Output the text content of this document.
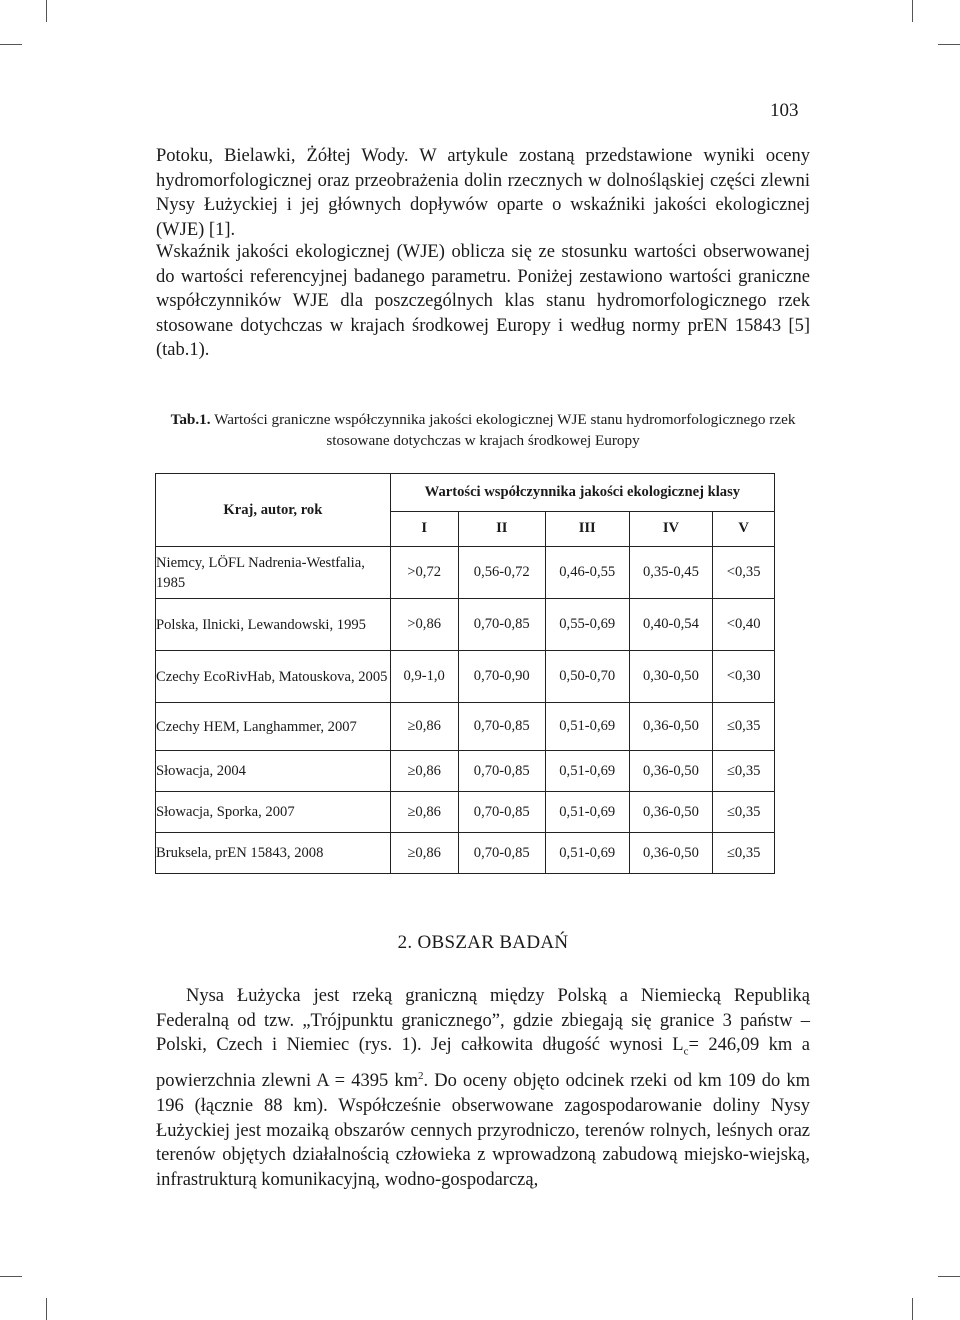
103

Potoku, Bielawki, Żółtej Wody. W artykule zostaną przedstawione wyniki oceny hydromorfologicznej oraz przeobrażenia dolin rzecznych w dolnośląskiej części zlewni Nysy Łużyckiej i jej głównych dopływów oparte o wskaźniki jakości ekologicznej (WJE) [1].

Wskaźnik jakości ekologicznej (WJE) oblicza się ze stosunku wartości obserwowanej do wartości referencyjnej badanego parametru. Poniżej zestawiono wartości graniczne współczynników WJE dla poszczególnych klas stanu hydromorfologicznego rzek stosowane dotychczas w krajach środkowej Europy i według normy prEN 15843 [5] (tab.1).

Tab.1. Wartości graniczne współczynnika jakości ekologicznej WJE stanu hydromorfologicznego rzek stosowane dotychczas w krajach środkowej Europy
Kraj, autor, rok	Wartości współczynnika jakości ekologicznej klasy				
	I	II	III	IV	V
Niemcy, LÖFL Nadrenia-Westfalia, 1985	>0,72	0,56-0,72	0,46-0,55	0,35-0,45	<0,35
Polska, Ilnicki, Lewandowski, 1995	>0,86	0,70-0,85	0,55-0,69	0,40-0,54	<0,40
Czechy EcoRivHab, Matouskova, 2005	0,9-1,0	0,70-0,90	0,50-0,70	0,30-0,50	<0,30
Czechy HEM, Langhammer, 2007	≥0,86	0,70-0,85	0,51-0,69	0,36-0,50	≤0,35
Słowacja, 2004	≥0,86	0,70-0,85	0,51-0,69	0,36-0,50	≤0,35
Słowacja, Sporka, 2007	≥0,86	0,70-0,85	0,51-0,69	0,36-0,50	≤0,35
Bruksela, prEN 15843, 2008	≥0,86	0,70-0,85	0,51-0,69	0,36-0,50	≤0,35
2. OBSZAR BADAŃ

Nysa Łużycka jest rzeką graniczną między Polską a Niemiecką Republiką Federalną od tzw. „Trójpunktu granicznego”, gdzie zbiegają się granice 3 państw – Polski, Czech i Niemiec (rys. 1). Jej całkowita długość wynosi $L_c= 246,09$ km a powierzchnia zlewni A = 4395 $km^2$. Do oceny objęto odcinek rzeki od km 109 do km 196 (łącznie 88 km). Współcześnie obserwowane zagospodarowanie doliny Nysy Łużyckiej jest mozaiką obszarów cennych przyrodniczo, terenów rolnych, leśnych oraz terenów objętych działalnością człowieka z wprowadzoną zabudową miejsko-wiejską, infrastrukturą komunikacyjną, wodno-gospodarczą,
